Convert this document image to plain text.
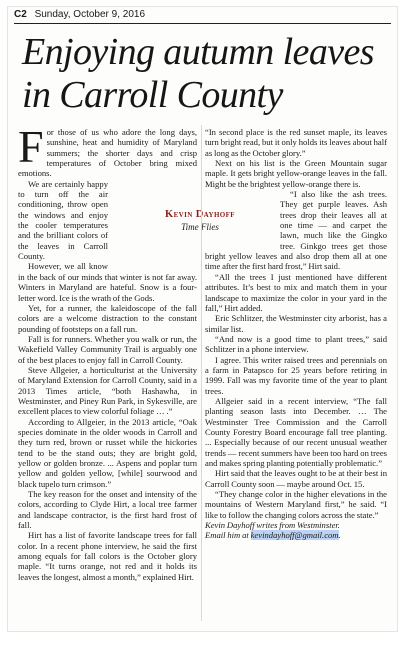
C2 Sunday, October 9, 2016
Enjoying autumn leaves in Carroll County
Kevin Dayhoff
Time Flies
F or those of us who adore the long days, sunshine, heat and humidity of Maryland summers; the shorter days and crisp temperatures of October bring mixed emotions.

We are certainly happy to turn off the air conditioning, throw open the windows and enjoy the cooler temperatures and the brilliant colors of the leaves in Carroll County.

However, we all know in the back of our minds that winter is not far away. Winters in Maryland are hateful. Snow is a four-letter word. Ice is the wrath of the Gods.

Yet, for a runner, the kaleidoscope of the fall colors are a welcome distraction to the constant pounding of footsteps on a fall run.

Fall is for runners. Whether you walk or run, the Wakefield Valley Community Trail is arguably one of the best places to enjoy fall in Carroll County.

Steve Allgeier, a horticulturist at the University of Maryland Extension for Carroll County, said in a 2013 Times article, “both Hashawha, in Westminster, and Piney Run Park, in Sykesville, are excellent places to view colorful foliage … .”

According to Allgeier, in the 2013 article, “Oak species dominate in the older woods in Carroll and they turn red, brown or russet while the hickories tend to be the stand outs; they are bright gold, yellow or golden bronze. ... Aspens and poplar turn yellow and golden yellow, [while] sourwood and black tupelo turn crimson.”

The key reason for the onset and intensity of the colors, according to Clyde Hirt, a local tree farmer and landscape contractor, is the first hard frost of fall.

Hirt has a list of favorite landscape trees for fall color. In a recent phone interview, he said the first among equals for fall colors is the October glory maple. “It turns orange, not red and it holds its leaves the longest, almost a month,” explained Hirt.

“In second place is the red sunset maple, its leaves turn bright read, but it only holds its leaves about half as long as the October glory.”

Next on his list is the Green Mountain sugar maple. It gets bright yellow-orange leaves in the fall. Might be the brightest yellow-orange there is.

“I also like the ash trees. They get purple leaves. Ash trees drop their leaves all at one time — and carpet the lawn, much like the Gingko tree. Ginkgo trees get those bright yellow leaves and also drop them all at one time after the first hard frost,” Hirt said.

“All the trees I just mentioned have different attributes. It’s best to mix and match them in your landscape to maximize the color in your yard in the fall,” Hirt added.

Eric Schlitzer, the Westminster city arborist, has a similar list.

“And now is a good time to plant trees,” said Schlitzer in a phone interview.

I agree. This writer raised trees and perennials on a farm in Patapsco for 25 years before retiring in 1999. Fall was my favorite time of the year to plant trees.

Allgeier said in a recent interview, “The fall planting season lasts into December. … The Westminster Tree Commission and the Carroll County Forestry Board encourage fall tree planting. ... Especially because of our recent unusual weather trends — recent summers have been too hard on trees and makes spring planting potentially problematic.”

Hirt said that the leaves ought to be at their best in Carroll County soon — maybe around Oct. 15.

“They change color in the higher elevations in the mountains of Western Maryland first,” he said. “I like to follow the changing colors across the state.”

Kevin Dayhoff writes from Westminster.

Email him at kevindayhoff@gmail.com.
